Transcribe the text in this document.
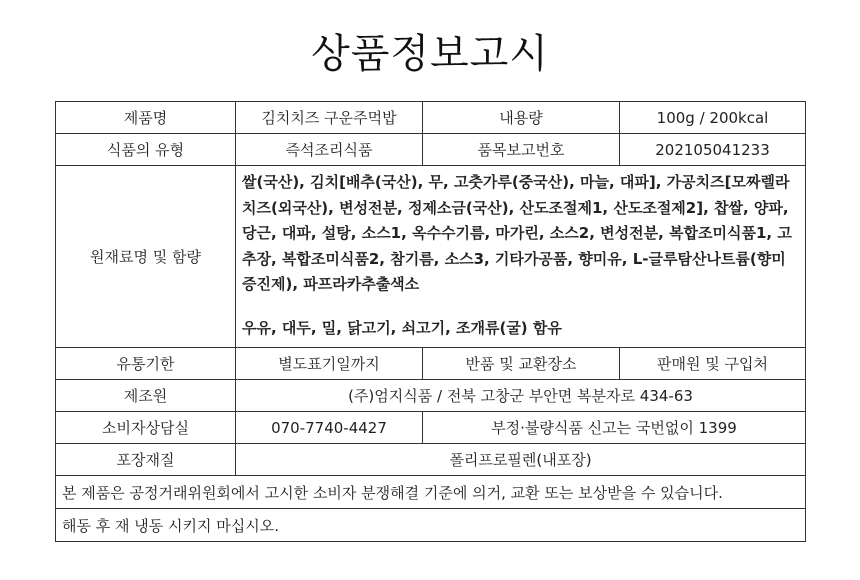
상품정보고시
제품명	김치치즈 구운주먹밥	내용량	100g / 200kcal
식품의 유형	즉석조리식품	품목보고번호	202105041233
원재료명 및 함량	쌀(국산), 김치[배추(국산), 무, 고춧가루(중국산), 마늘, 대파], 가공치즈[모짜렐라치즈(외국산), 변성전분, 정제소금(국산), 산도조절제1, 산도조절제2], 찹쌀, 양파, 당근, 대파, 설탕, 소스1, 옥수수기름, 마가린, 소스2, 변성전분, 복합조미식품1, 고추장, 복합조미식품2, 참기름, 소스3, 기타가공품, 향미유, L-글루탐산나트륨(향미증진제), 파프라카추출색소
우유, 대두, 밀, 닭고기, 쇠고기, 조개류(굴) 함유		

유통기한	별도표기일까지	반품 및 교환장소	판매원 및 구입처
제조원	(주)엄지식품 / 전북 고창군 부안면 복분자로 434-63		
소비자상담실	070-7740-4427	부정·불량식품 신고는 국번없이 1399	
포장재질	폴리프로필렌(내포장)		
본 제품은 공정거래위원회에서 고시한 소비자 분쟁해결 기준에 의거, 교환 또는 보상받을 수 있습니다.			
해동 후 재 냉동 시키지 마십시오.			
